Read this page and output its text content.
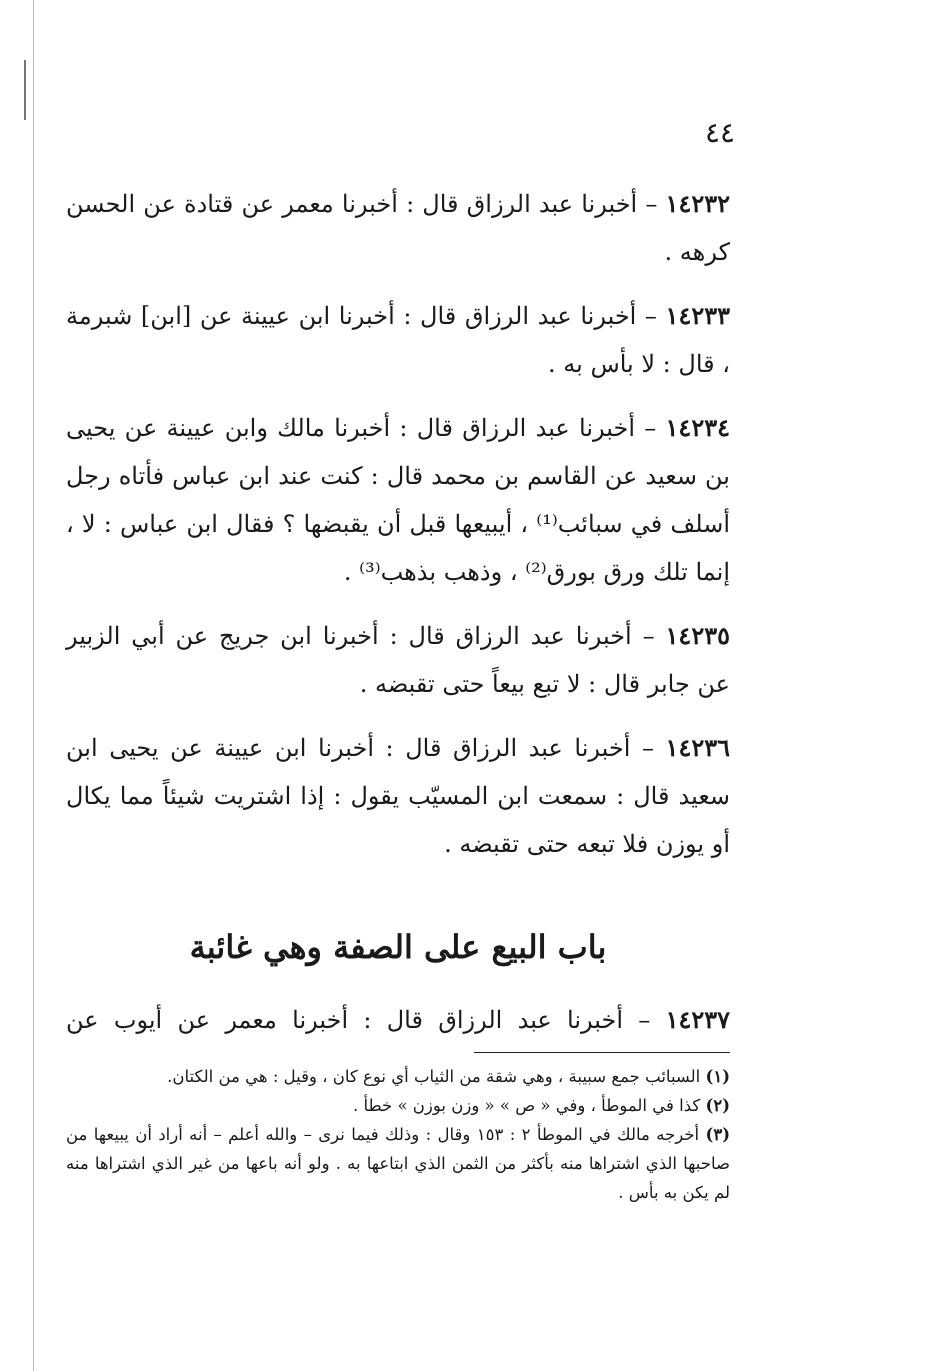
٤٤

١٤٢٣٢ – أخبرنا عبد الرزاق قال : أخبرنا معمر عن قتادة عن الحسن كرهه .

١٤٢٣٣ – أخبرنا عبد الرزاق قال : أخبرنا ابن عيينة عن [ابن] شبرمة ، قال : لا بأس به .

١٤٢٣٤ – أخبرنا عبد الرزاق قال : أخبرنا مالك وابن عيينة عن يحيى بن سعيد عن القاسم بن محمد قال : كنت عند ابن عباس فأتاه رجل أسلف في سبائب⁽¹⁾ ، أيبيعها قبل أن يقبضها ؟ فقال ابن عباس : لا ، إنما تلك ورق بورق⁽²⁾ ، وذهب بذهب⁽³⁾ .

١٤٢٣٥ – أخبرنا عبد الرزاق قال : أخبرنا ابن جريج عن أبي الزبير عن جابر قال : لا تبع بيعاً حتى تقبضه .

١٤٢٣٦ – أخبرنا عبد الرزاق قال : أخبرنا ابن عيينة عن يحيى ابن سعيد قال : سمعت ابن المسيّب يقول : إذا اشتريت شيئاً مما يكال أو يوزن فلا تبعه حتى تقبضه .

باب البيع على الصفة وهي غائبة

١٤٢٣٧ – أخبرنا عبد الرزاق قال : أخبرنا معمر عن أيوب عن

(١) السبائب جمع سبيبة ، وهي شقة من الثياب أي نوع كان ، وقيل : هي من الكتان.

(٢) كذا في الموطأ ، وفي « ص » « وزن بوزن » خطأ .

(٣) أخرجه مالك في الموطأ ٢ : ١٥٣ وقال : وذلك فيما نرى – والله أعلم – أنه أراد أن يبيعها من صاحبها الذي اشتراها منه بأكثر من الثمن الذي ابتاعها به . ولو أنه باعها من غير الذي اشتراها منه لم يكن به بأس .
